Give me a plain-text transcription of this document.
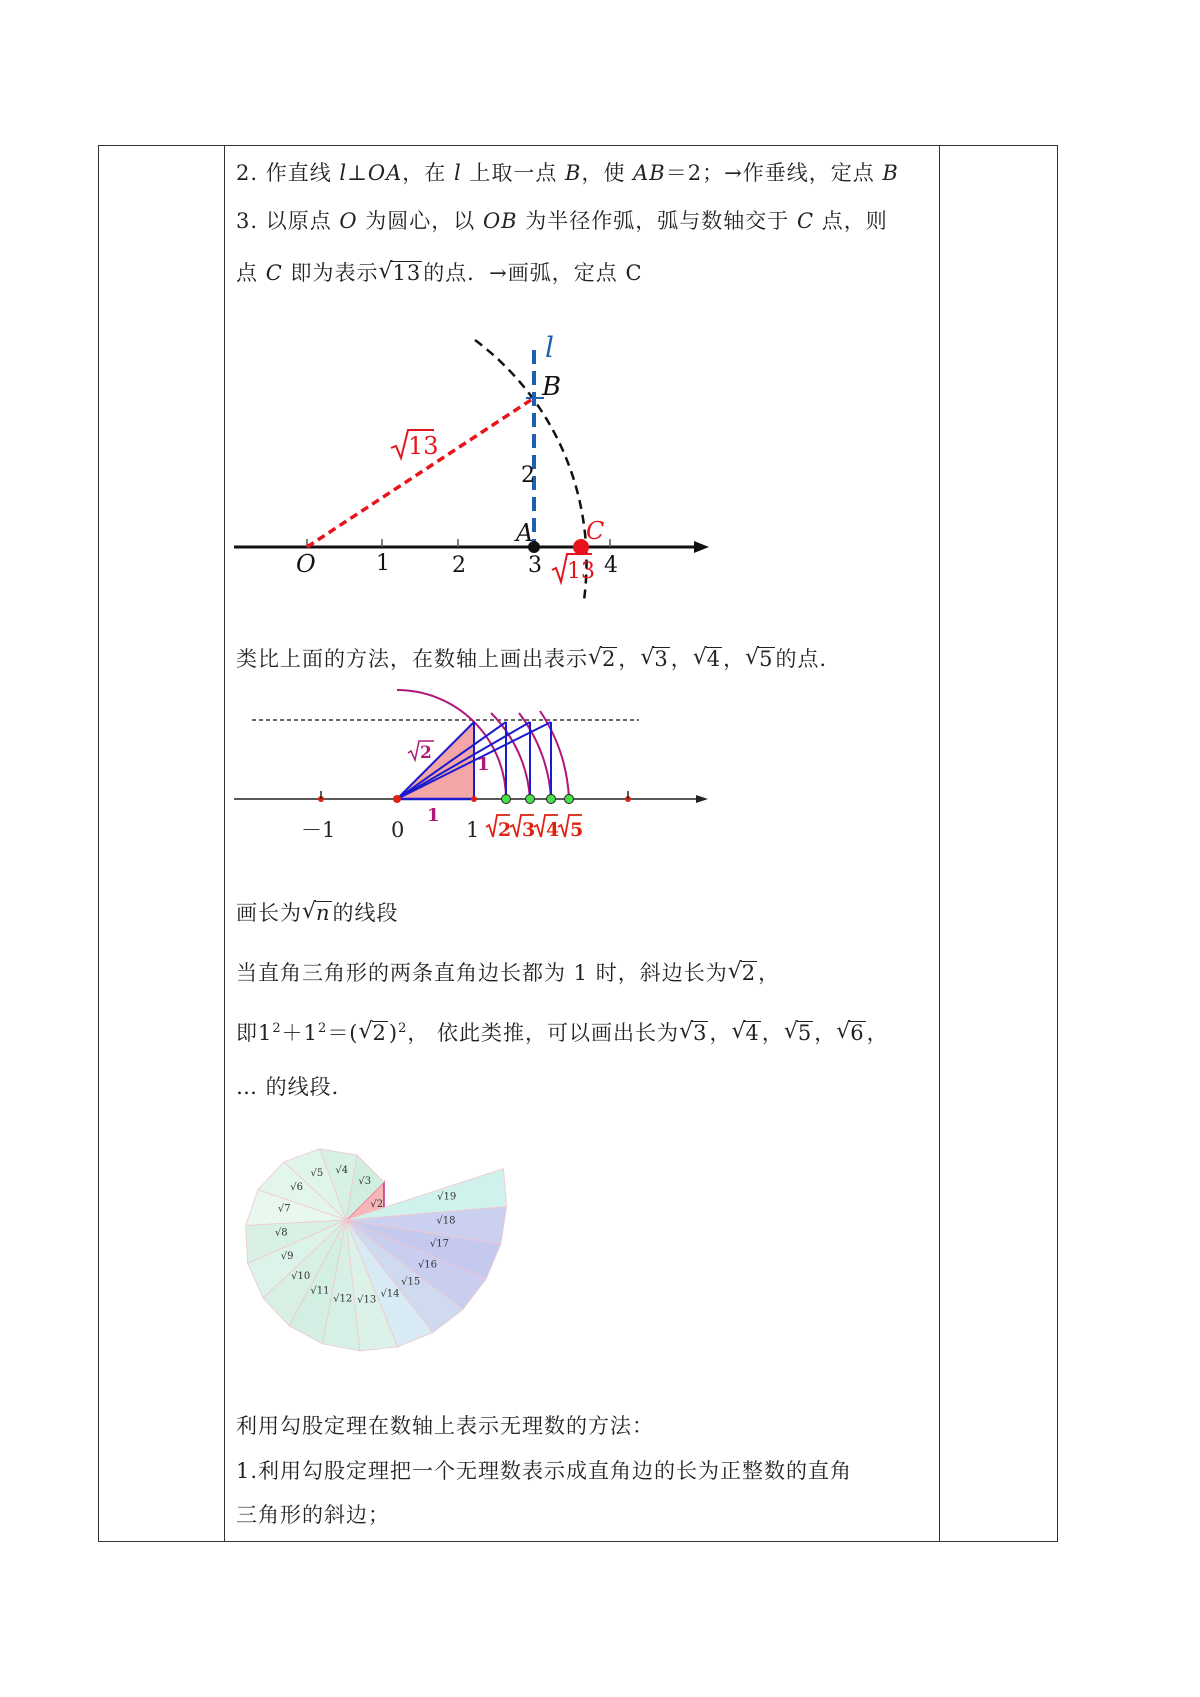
2. 作直线 l⊥OA，在 l 上取一点 B，使 AB＝2；→作垂线，定点 B
3. 以原点 O 为圆心，以 OB 为半径作弧，弧与数轴交于 C 点，则
点 C 即为表示√ 13的点．→画弧，定点 C
l
B
2
A C
O	1	2	3	4
13
13
类比上面的方法，在数轴上画出表示√ 2，√ 3，√ 4，√ 5的点．
2
1
1
－1	0	1 2 3 4 5
画长为√ n的线段
当直角三角形的两条直角边长都为 1 时，斜边长为√ 2，
即$1^2+1^2=(√$ 2)$^2$， 依此类推，可以画出长为√ 3，√ 4，√ 5，√ 6，
… 的线段．
√2
√3
√4
√5
√6
√7
√8
√9
√10
√11
√12 √13
√14
√15
√16
√17
√18
√19
利用勾股定理在数轴上表示无理数的方法：
1.利用勾股定理把一个无理数表示成直角边的长为正整数的直角
三角形的斜边；
